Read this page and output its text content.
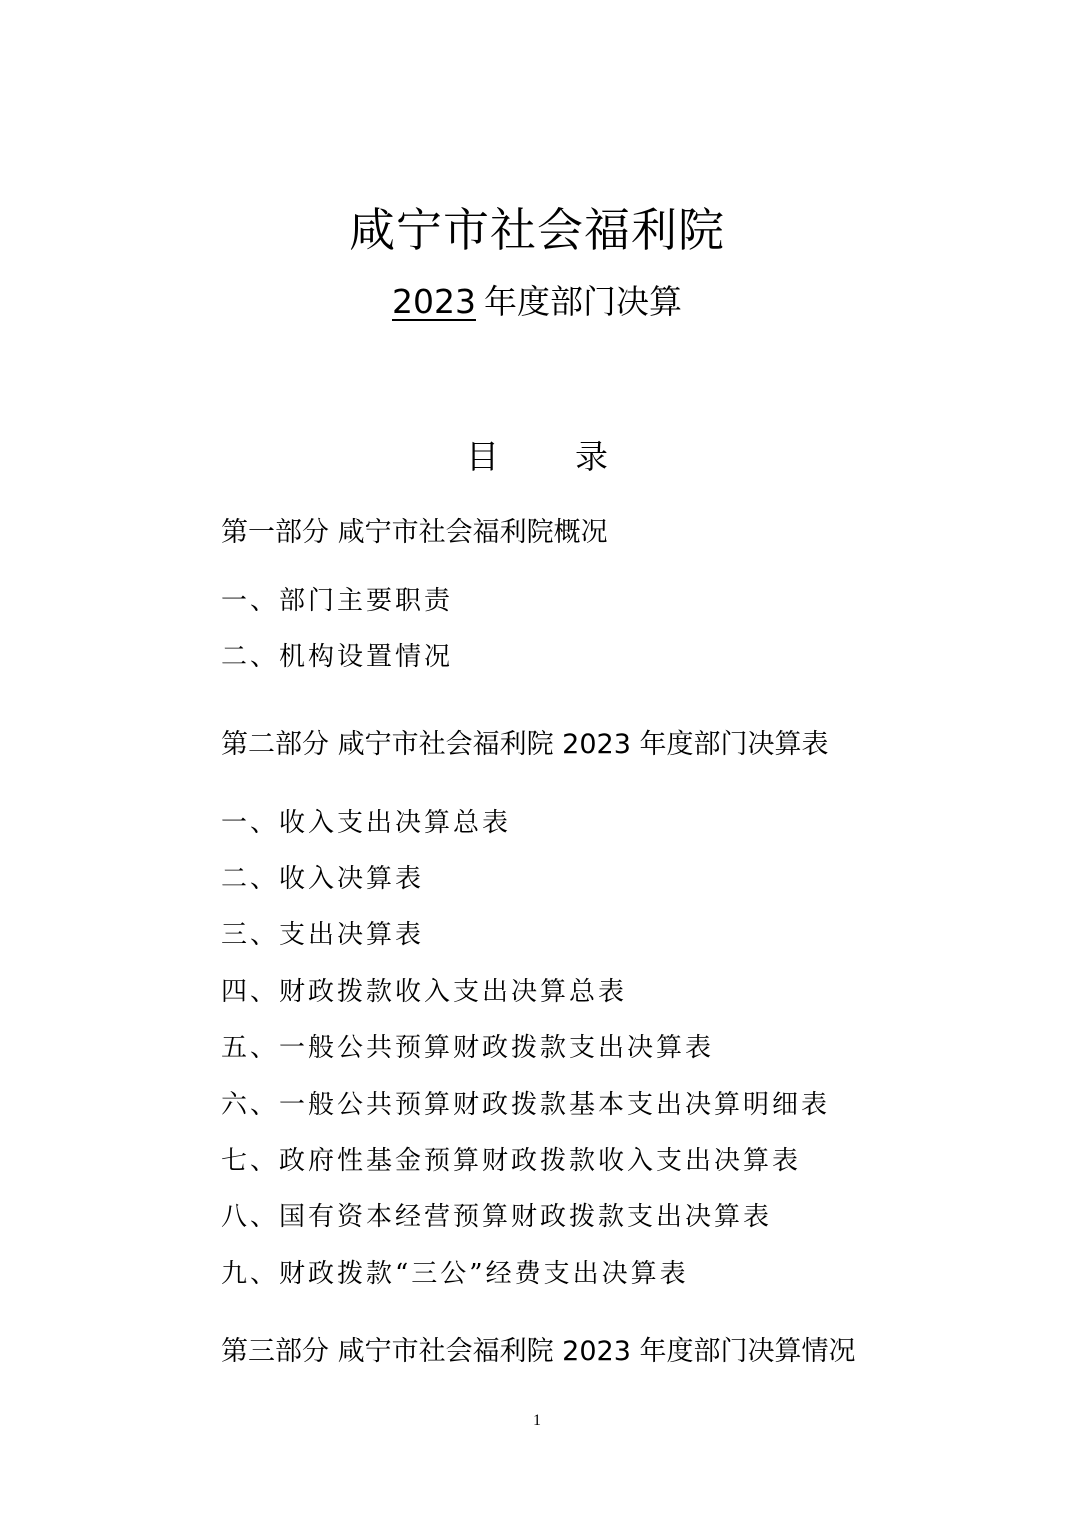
咸宁市社会福利院
2023 年度部门决算
目 录
第一部分 咸宁市社会福利院概况
一、部门主要职责
二、机构设置情况
第二部分 咸宁市社会福利院 2023 年度部门决算表
一、收入支出决算总表
二、收入决算表
三、支出决算表
四、财政拨款收入支出决算总表
五、一般公共预算财政拨款支出决算表
六、一般公共预算财政拨款基本支出决算明细表
七、政府性基金预算财政拨款收入支出决算表
八、国有资本经营预算财政拨款支出决算表
九、财政拨款“三公”经费支出决算表
第三部分 咸宁市社会福利院 2023 年度部门决算情况
1
